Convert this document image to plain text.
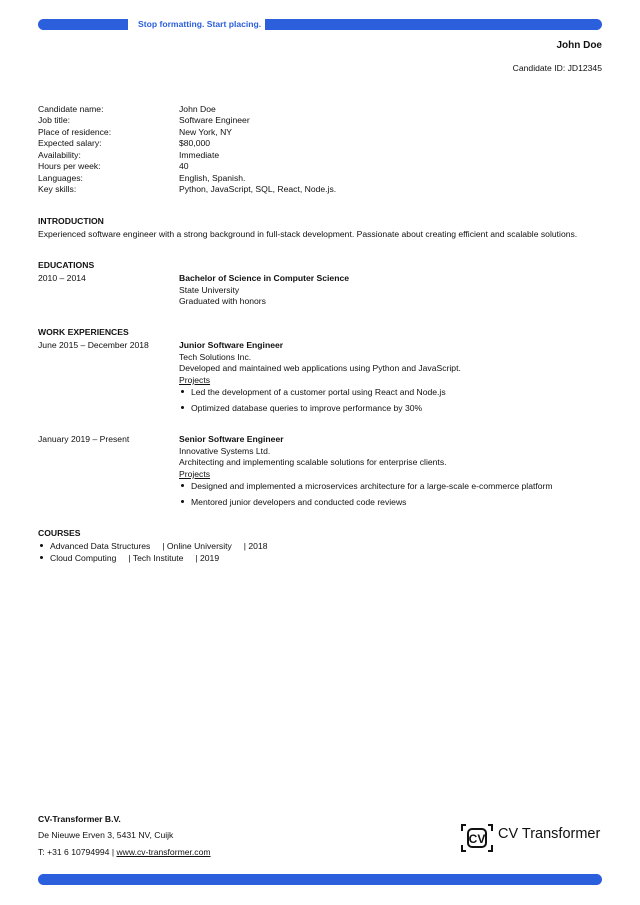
Stop formatting. Start placing.
John Doe
Candidate ID: JD12345
Candidate name:	John Doe
Job title:	Software Engineer
Place of residence:	New York, NY
Expected salary:	$80,000
Availability:	Immediate
Hours per week:	40
Languages:	English, Spanish.
Key skills:	Python, JavaScript, SQL, React, Node.js.
INTRODUCTION
Experienced software engineer with a strong background in full-stack development. Passionate about creating efficient and scalable solutions.
EDUCATIONS
2010 – 2014	Bachelor of Science in Computer Science
State University
Graduated with honors
WORK EXPERIENCES
June 2015 – December 2018	Junior Software Engineer
Tech Solutions Inc.
Developed and maintained web applications using Python and JavaScript.
Projects
Led the development of a customer portal using React and Node.js
Optimized database queries to improve performance by 30%
January 2019 – Present	Senior Software Engineer
Innovative Systems Ltd.
Architecting and implementing scalable solutions for enterprise clients.
Projects
Designed and implemented a microservices architecture for a large-scale e-commerce platform
Mentored junior developers and conducted code reviews
COURSES
Advanced Data Structures     | Online University     | 2018
Cloud Computing     | Tech Institute     | 2019
CV-Transformer B.V.
De Nieuwe Erven 3, 5431 NV, Cuijk
T: +31 6 10794994 | www.cv-transformer.com
CV CV Transformer
